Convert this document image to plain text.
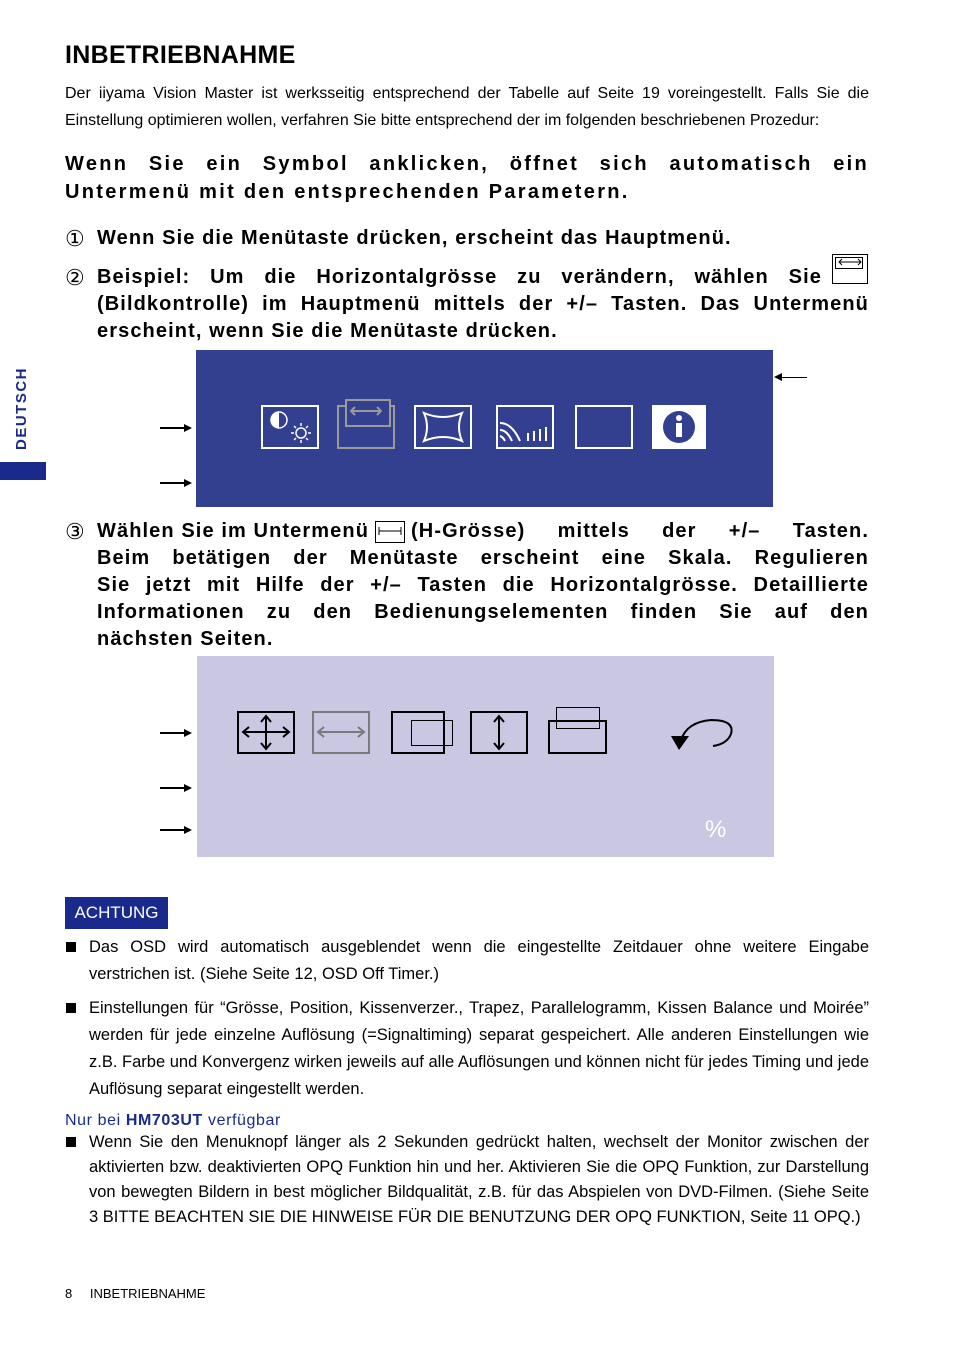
INBETRIEBNAHME
Der iiyama Vision Master ist werksseitig entsprechend der Tabelle auf Seite 19 voreingestellt. Falls Sie die
Einstellung optimieren wollen, verfahren Sie bitte entsprechend der im folgenden beschriebenen Prozedur:
Wenn Sie ein Symbol anklicken, öffnet sich automatisch ein
Untermenü mit den entsprechenden Parametern.
DEUTSCH
① Wenn Sie die Menütaste drücken, erscheint das Hauptmenü.
② Beispiel: Um die Horizontalgrösse zu verändern, wählen Sie
(Bildkontrolle) im Hauptmenü mittels der +/– Tasten. Das Untermenü
erscheint, wenn Sie die Menütaste drücken.
③ Wählen Sie im Untermenü (H-Grösse) mittels der +/– Tasten.
Beim betätigen der Menütaste erscheint eine Skala. Regulieren
Sie jetzt mit Hilfe der +/– Tasten die Horizontalgrösse. Detaillierte
Informationen zu den Bedienungselementen finden Sie auf den
nächsten Seiten.
%
ACHTUNG
Das OSD wird automatisch ausgeblendet wenn die eingestellte Zeitdauer ohne weitere Eingabe verstrichen ist. (Siehe Seite 12, OSD Off Timer.)
Einstellungen für “Grösse, Position, Kissenverzer., Trapez, Parallelogramm, Kissen Balance und Moirée” werden für jede einzelne Auflösung (=Signaltiming) separat gespeichert. Alle anderen Einstellungen wie z.B. Farbe und Konvergenz wirken jeweils auf alle Auflösungen und können nicht für jedes Timing und jede Auflösung separat eingestellt werden.
Nur bei HM703UT verfügbar
Wenn Sie den Menuknopf länger als 2 Sekunden gedrückt halten, wechselt der Monitor zwischen der aktivierten bzw. deaktivierten OPQ Funktion hin und her. Aktivieren Sie die OPQ Funktion, zur Darstellung von bewegten Bildern in best möglicher Bildqualität, z.B. für das Abspielen von DVD-Filmen. (Siehe Seite 3 BITTE BEACHTEN SIE DIE HINWEISE FÜR DIE BENUTZUNG DER OPQ FUNKTION, Seite 11 OPQ.)
8 INBETRIEBNAHME
